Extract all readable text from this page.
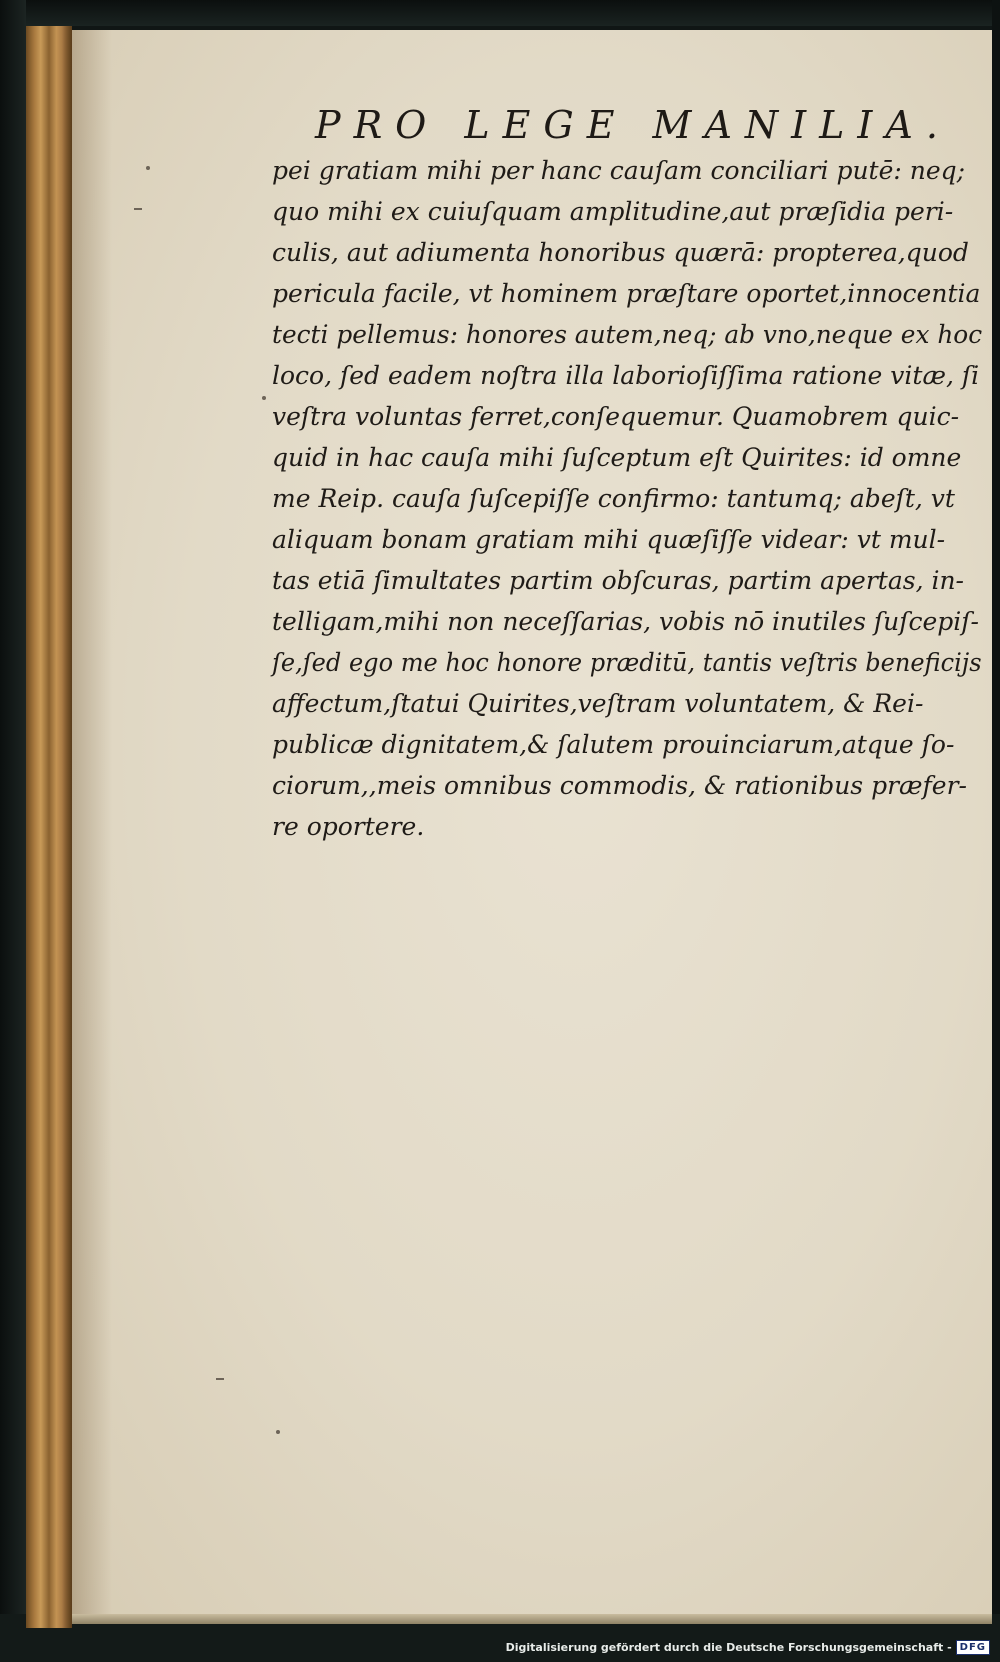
PRO LEGE MANILIA.
pei gratiam mihi per hanc cauſam conciliari putē: neq;
quo mihi ex cuiuſquam amplitudine,aut præſidia peri-
culis, aut adiumenta honoribus quærā: propterea,quod
pericula facile, vt hominem præſtare oportet,innocentia
tecti pellemus: honores autem,neq; ab vno,neque ex hoc
loco, ſed eadem noſtra illa laborioſiſſima ratione vitæ, ſi
veſtra voluntas ferret,conſequemur. Quamobrem quic-
quid in hac cauſa mihi ſuſceptum eſt Quirites: id omne
me Reip. cauſa ſuſcepiſſe confirmo: tantumq; abeſt, vt
aliquam bonam gratiam mihi quæſiſſe videar: vt mul-
tas etiā ſimultates partim obſcuras, partim apertas, in-
telligam,mihi non neceſſarias, vobis nō inutiles ſuſcepiſ-
ſe,ſed ego me hoc honore præditū, tantis veſtris beneficijs
affectum,ſtatui Quirites,veſtram voluntatem, & Rei-
publicæ dignitatem,& ſalutem prouinciarum,atque ſo-
ciorum,,meis omnibus commodis, & rationibus præfer-
re oportere.
Digitalisierung gefördert durch die Deutsche Forschungsgemeinschaft - DFG
